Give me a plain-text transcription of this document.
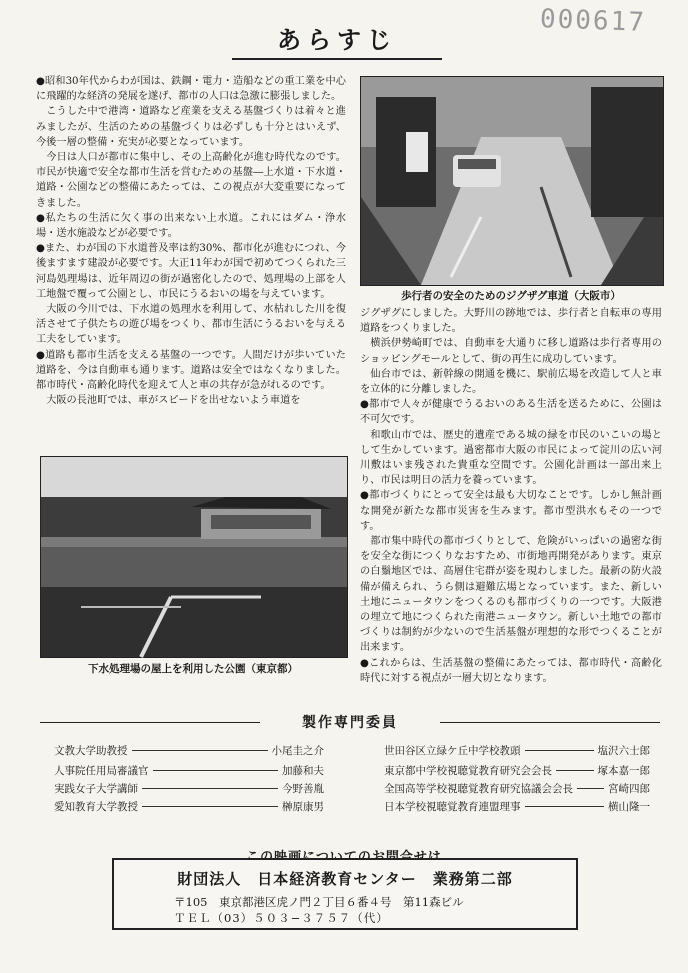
あらすじ
000617

●昭和30年代からわが国は、鉄鋼・電力・造船などの重工業を中心に飛躍的な経済の発展を遂げ、都市の人口は急激に膨張しました。

こうした中で港湾・道路など産業を支える基盤づくりは着々と進みましたが、生活のための基盤づくりは必ずしも十分とはいえず、今後一層の整備・充実が必要となっています。

今日は人口が都市に集中し、その上高齢化が進む時代なのです。市民が快適で安全な都市生活を営むための基盤―上水道・下水道・道路・公園などの整備にあたっては、この視点が大変重要になってきました。

●私たちの生活に欠く事の出来ない上水道。これにはダム・浄水場・送水施設などが必要です。

●また、わが国の下水道普及率は約30%、都市化が進むにつれ、今後ますます建設が必要です。大正11年わが国で初めてつくられた三河島処理場は、近年周辺の街が過密化したので、処理場の上部を人工地盤で覆って公園とし、市民にうるおいの場を与えています。

大阪の今川では、下水道の処理水を利用して、水枯れした川を復活させて子供たちの遊び場をつくり、都市生活にうるおいを与える工夫をしています。

●道路も都市生活を支える基盤の一つです。人間だけが歩いていた道路を、今は自動車も通ります。道路は安全ではなくなりました。都市時代・高齢化時代を迎えて人と車の共存が急がれるのです。

大阪の長池町では、車がスピードを出せないよう車道を

歩行者の安全のためのジグザグ車道（大阪市）

ジグザグにしました。大野川の跡地では、歩行者と自転車の専用道路をつくりました。

横浜伊勢崎町では、自動車を大通りに移し道路は歩行者専用のショッピングモールとして、街の再生に成功しています。

仙台市では、新幹線の開通を機に、駅前広場を改造して人と車を立体的に分離しました。

●都市で人々が健康でうるおいのある生活を送るために、公園は不可欠です。

和歌山市では、歴史的遺産である城の緑を市民のいこいの場として生かしています。過密都市大阪の市民によって淀川の広い河川敷はいま残された貴重な空間です。公園化計画は一部出来上り、市民は明日の活力を養っています。

●都市づくりにとって安全は最も大切なことです。しかし無計画な開発が新たな都市災害を生みます。都市型洪水もその一つです。

都市集中時代の都市づくりとして、危険がいっぱいの過密な街を安全な街につくりなおすため、市街地再開発があります。東京の白鬚地区では、高層住宅群が姿を現わしました。最新の防火設備が備えられ、うら側は避難広場となっています。また、新しい土地にニュータウンをつくるのも都市づくりの一つです。大阪港の埋立て地につくられた南港ニュータウン。新しい土地での都市づくりは制約が少ないので生活基盤が理想的な形でつくることが出来ます。

●これからは、生活基盤の整備にあたっては、都市時代・高齢化時代に対する視点が一層大切となります。

下水処理場の屋上を利用した公園（東京都）
製作専門委員
文教大学助教授	小尾圭之介
人事院任用局審議官	加藤和夫
実践女子大学講師	今野善胤
愛知教育大学教授	榊原康男
世田谷区立緑ケ丘中学校教頭	塩沢六士郎
東京都中学校視聴覚教育研究会会長	塚本嘉一郎
全国高等学校視聴覚教育研究協議会会長	宮崎四郎
日本学校視聴覚教育連盟理事	横山隆一
財団法人　日本経済教育センター　業務第二部
〒105　東京都港区虎ノ門２丁目６番４号　第11森ビル
ＴＥＬ（03）５０３−３７５７（代）
